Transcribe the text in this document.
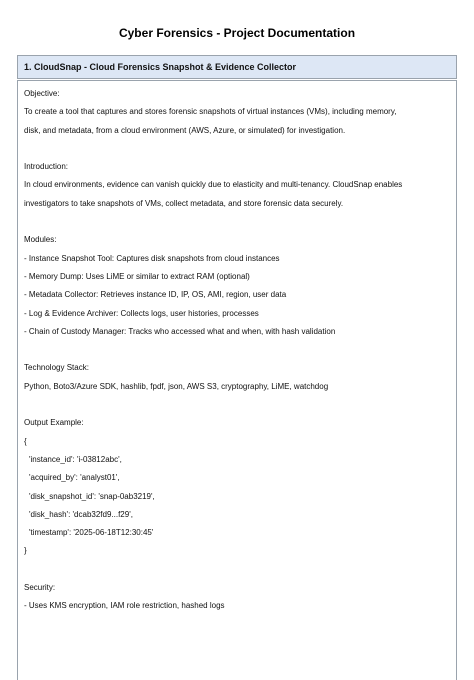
Cyber Forensics - Project Documentation
1. CloudSnap - Cloud Forensics Snapshot & Evidence Collector
Objective:
To create a tool that captures and stores forensic snapshots of virtual instances (VMs), including memory,
disk, and metadata, from a cloud environment (AWS, Azure, or simulated) for investigation.
Introduction:
In cloud environments, evidence can vanish quickly due to elasticity and multi-tenancy. CloudSnap enables
investigators to take snapshots of VMs, collect metadata, and store forensic data securely.
Modules:
- Instance Snapshot Tool: Captures disk snapshots from cloud instances
- Memory Dump: Uses LiME or similar to extract RAM (optional)
- Metadata Collector: Retrieves instance ID, IP, OS, AMI, region, user data
- Log & Evidence Archiver: Collects logs, user histories, processes
- Chain of Custody Manager: Tracks who accessed what and when, with hash validation
Technology Stack:
Python, Boto3/Azure SDK, hashlib, fpdf, json, AWS S3, cryptography, LiME, watchdog
Output Example:
{
'instance_id': 'i-03812abc',
'acquired_by': 'analyst01',
'disk_snapshot_id': 'snap-0ab3219',
'disk_hash': 'dcab32fd9...f29',
'timestamp': '2025-06-18T12:30:45'
}
Security:
- Uses KMS encryption, IAM role restriction, hashed logs
